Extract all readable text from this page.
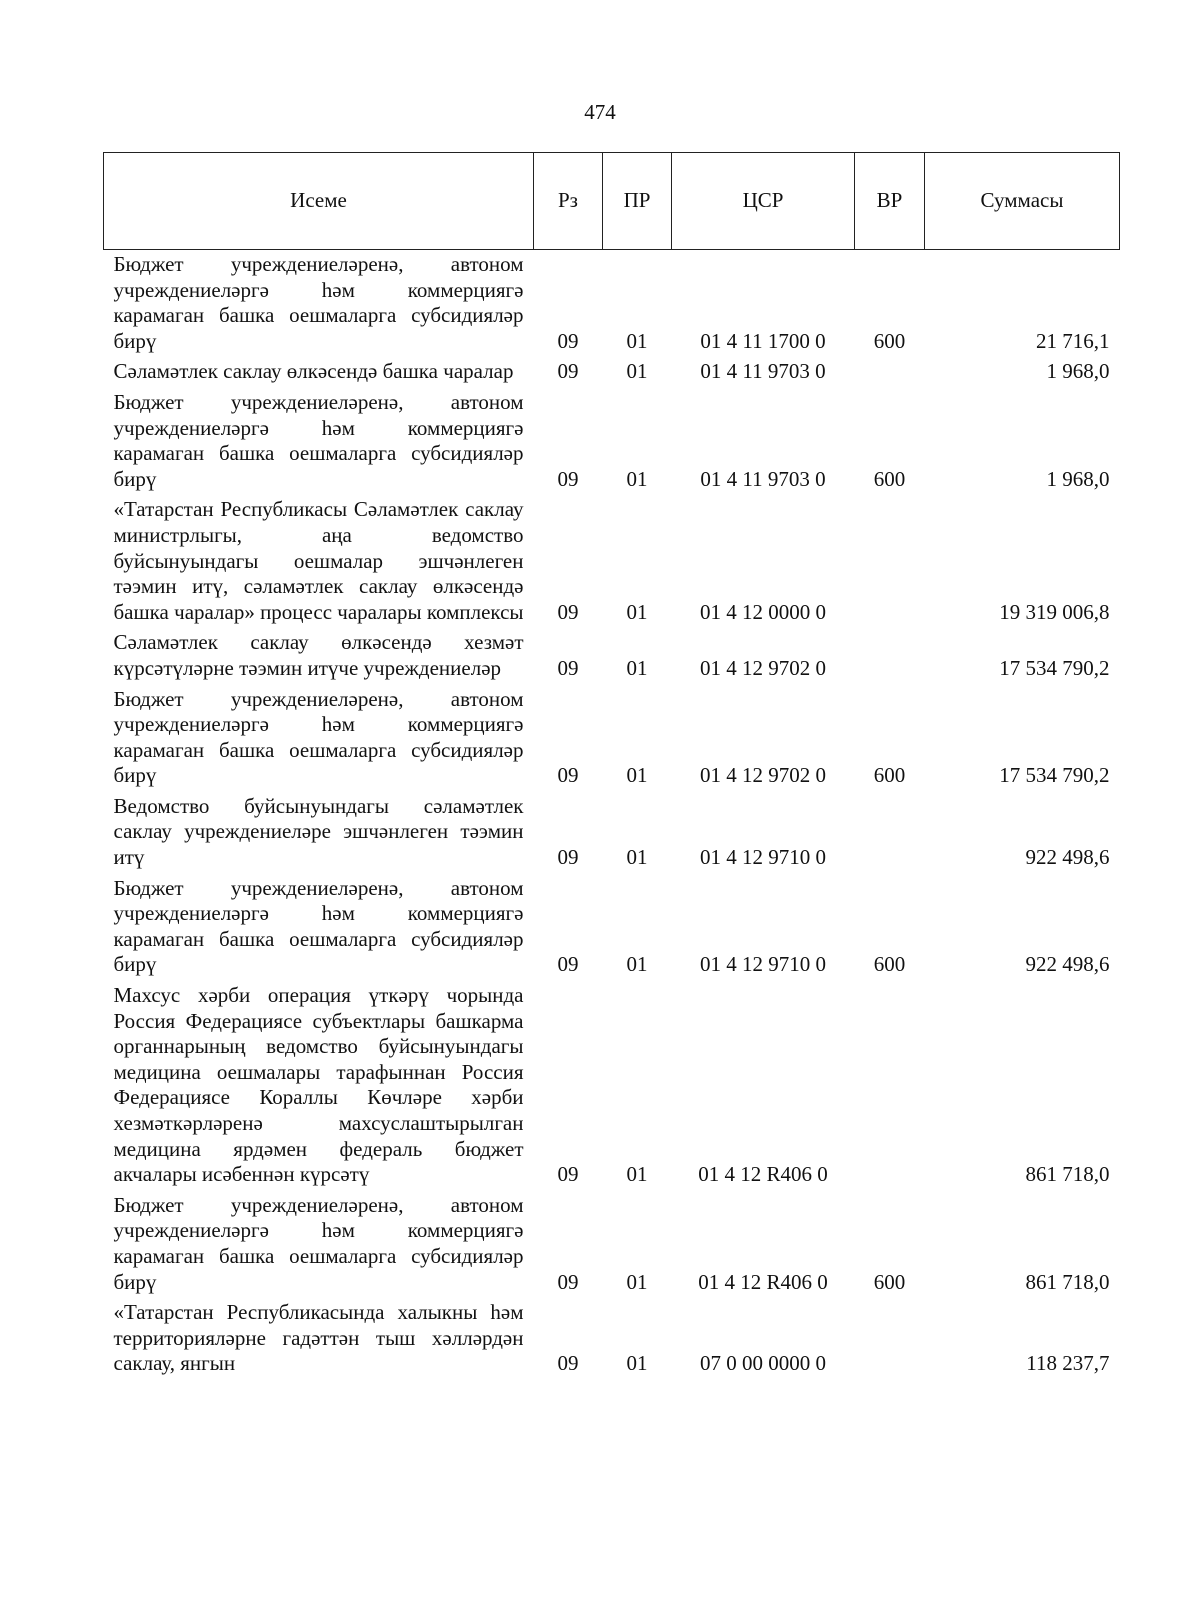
474
Исеме	Рз	ПР	ЦСР	ВР	Суммасы
Бюджет учреждениеләренә, автоном учреждениеләргә һәм коммерциягә карамаган башка оешмаларга субсидияләр бирү	09	01	01 4 11 1700 0	600	21 716,1
Сәламәтлек саклау өлкәсендә башка чаралар	09	01	01 4 11 9703 0		1 968,0
Бюджет учреждениеләренә, автоном учреждениеләргә һәм коммерциягә карамаган башка оешмаларга субсидияләр бирү	09	01	01 4 11 9703 0	600	1 968,0
«Татарстан Республикасы Сәламәтлек саклау министрлыгы, аңа ведомство буйсынуындагы оешмалар эшчәнлеген тәэмин итү, сәламәтлек саклау өлкәсендә башка чаралар» процесс чаралары комплексы	09	01	01 4 12 0000 0		19 319 006,8
Сәламәтлек саклау өлкәсендә хезмәт күрсәтүләрне тәэмин итүче учреждениеләр	09	01	01 4 12 9702 0		17 534 790,2
Бюджет учреждениеләренә, автоном учреждениеләргә һәм коммерциягә карамаган башка оешмаларга субсидияләр бирү	09	01	01 4 12 9702 0	600	17 534 790,2
Ведомство буйсынуындагы сәламәтлек саклау учреждениеләре эшчәнлеген тәэмин итү	09	01	01 4 12 9710 0		922 498,6
Бюджет учреждениеләренә, автоном учреждениеләргә һәм коммерциягә карамаган башка оешмаларга субсидияләр бирү	09	01	01 4 12 9710 0	600	922 498,6
Махсус хәрби операция үткәрү чорында Россия Федерациясе субъектлары башкарма органнарының ведомство буйсынуындагы медицина оешмалары тарафыннан Россия Федерациясе Кораллы Көчләре хәрби хезмәткәрләренә махсуслаштырылган медицина ярдәмен федераль бюджет акчалары исәбеннән күрсәтү	09	01	01 4 12 R406 0		861 718,0
Бюджет учреждениеләренә, автоном учреждениеләргә һәм коммерциягә карамаган башка оешмаларга субсидияләр бирү	09	01	01 4 12 R406 0	600	861 718,0
«Татарстан Республикасында халыкны һәм территорияләрне гадәттән тыш хәлләрдән саклау, янгын	09	01	07 0 00 0000 0		118 237,7
